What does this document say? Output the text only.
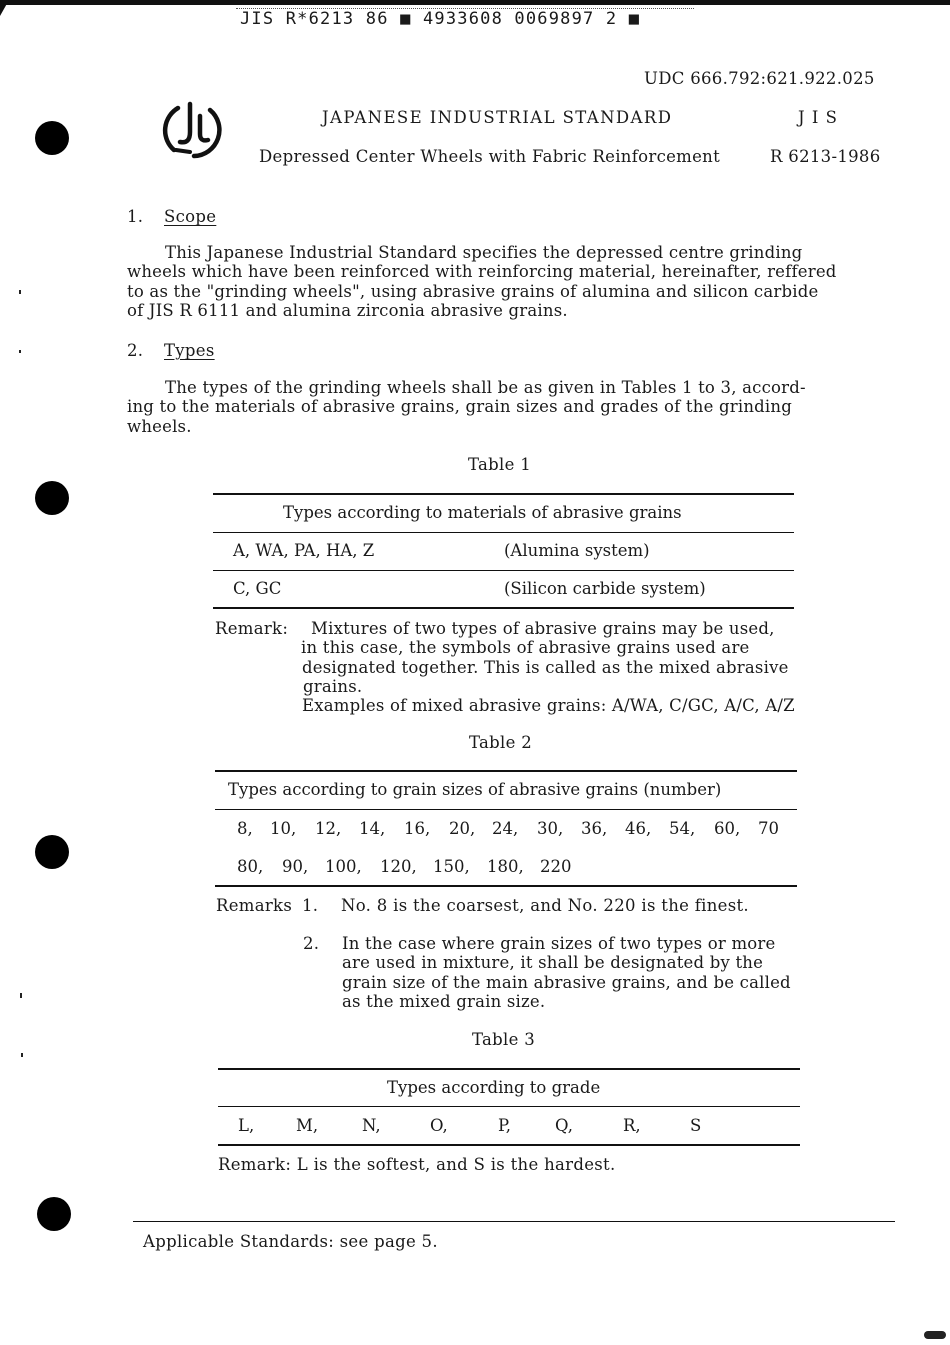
JIS R*6213 86 ■ 4933608 0069897 2 ■
UDC 666.792:621.922.025
JAPANESE INDUSTRIAL STANDARD	J I S
Depressed Center Wheels with Fabric Reinforcement	R 6213-1986
1. Scope
This Japanese Industrial Standard specifies the depressed centre grinding
wheels which have been reinforced with reinforcing material, hereinafter, reffered
to as the "grinding wheels", using abrasive grains of alumina and silicon carbide
of JIS R 6111 and alumina zirconia abrasive grains.
2. Types
The types of the grinding wheels shall be as given in Tables 1 to 3, accord-
ing to the materials of abrasive grains, grain sizes and grades of the grinding
wheels.
Table 1
Types according to materials of abrasive grains
A, WA, PA, HA, Z	(Alumina system)
C, GC	(Silicon carbide system)
Remark:	Mixtures of two types of abrasive grains may be used,
in this case, the symbols of abrasive grains used are
designated together. This is called as the mixed abrasive
grains.
Examples of mixed abrasive grains: A/WA, C/GC, A/C, A/Z
Table 2
Types according to grain sizes of abrasive grains (number)
8, 10, 12, 14, 16, 20, 24, 30, 36, 46, 54, 60, 70
80, 90, 100, 120, 150, 180, 220
Remarks 1. No. 8 is the coarsest, and No. 220 is the finest.
2. In the case where grain sizes of two types or more
are used in mixture, it shall be designated by the
grain size of the main abrasive grains, and be called
as the mixed grain size.
Table 3
Types according to grade
L,	M,	N,	O,	P,	Q,	R,	S
Remark: L is the softest, and S is the hardest.
Applicable Standards: see page 5.
